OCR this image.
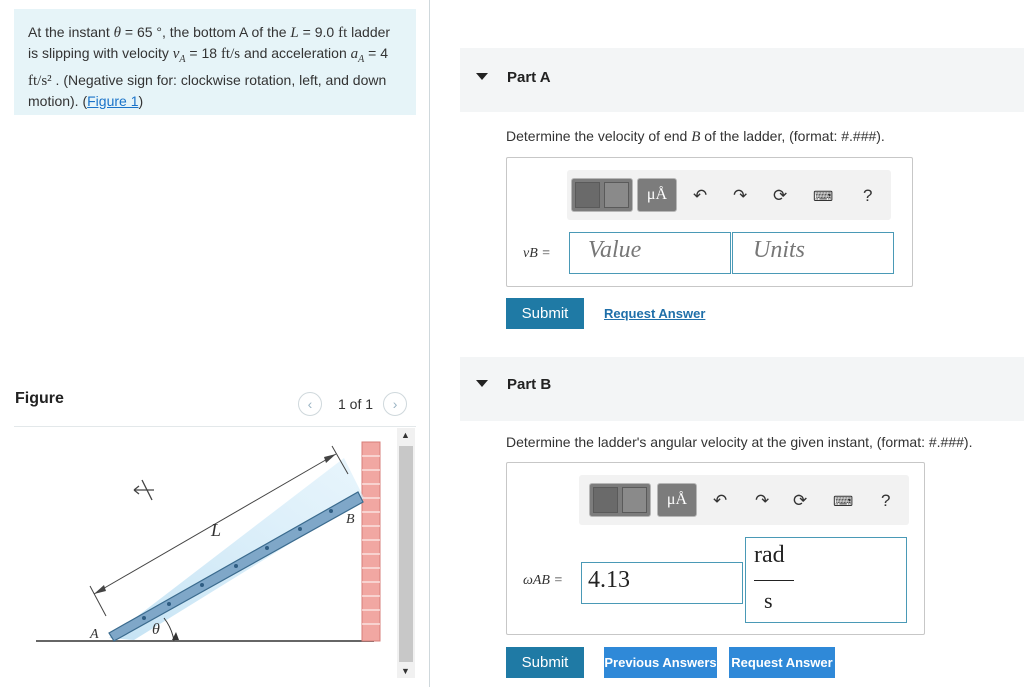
At the instant θ = 65 °, the bottom A of the L = 9.0 ft ladder is slipping with velocity $v_A = 18$ ft/s and acceleration $a_A = 4$ ft/s² . (Negative sign for: clockwise rotation, left, and down motion). (Figure 1)
Figure	‹	1 of 1	›
L
B
A	θ
▲
▼
Part A
Determine the velocity of end B of the ladder, (format: #.###).
μÅ	↶ ↷ ⟳ ⌨ ?
vB =	Value	Units
Submit	Request Answer
Part B
Determine the ladder's angular velocity at the given instant, (format: #.###).
μÅ	↶ ↷ ⟳ ⌨ ?
ωAB = 4.13
rad
s
Submit	Previous Answers Request Answer
